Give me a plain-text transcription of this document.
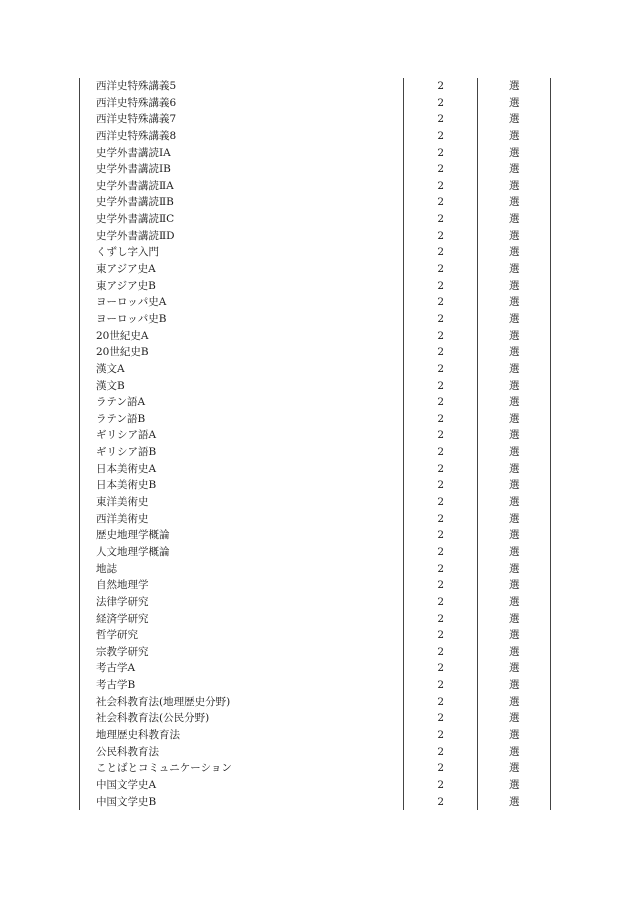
西洋史特殊講義5	2	選
西洋史特殊講義6	2	選
西洋史特殊講義7	2	選
西洋史特殊講義8	2	選
史学外書講読ⅠA	2	選
史学外書講読ⅠB	2	選
史学外書講読ⅡA	2	選
史学外書講読ⅡB	2	選
史学外書講読ⅡC	2	選
史学外書講読ⅡD	2	選
くずし字入門	2	選
東アジア史A	2	選
東アジア史B	2	選
ヨーロッパ史A	2	選
ヨーロッパ史B	2	選
20世紀史A	2	選
20世紀史B	2	選
漢文A	2	選
漢文B	2	選
ラテン語A	2	選
ラテン語B	2	選
ギリシア語A	2	選
ギリシア語B	2	選
日本美術史A	2	選
日本美術史B	2	選
東洋美術史	2	選
西洋美術史	2	選
歴史地理学概論	2	選
人文地理学概論	2	選
地誌	2	選
自然地理学	2	選
法律学研究	2	選
経済学研究	2	選
哲学研究	2	選
宗教学研究	2	選
考古学A	2	選
考古学B	2	選
社会科教育法(地理歴史分野)	2	選
社会科教育法(公民分野)	2	選
地理歴史科教育法	2	選
公民科教育法	2	選
ことばとコミュニケーション	2	選
中国文学史A	2	選
中国文学史B	2	選
